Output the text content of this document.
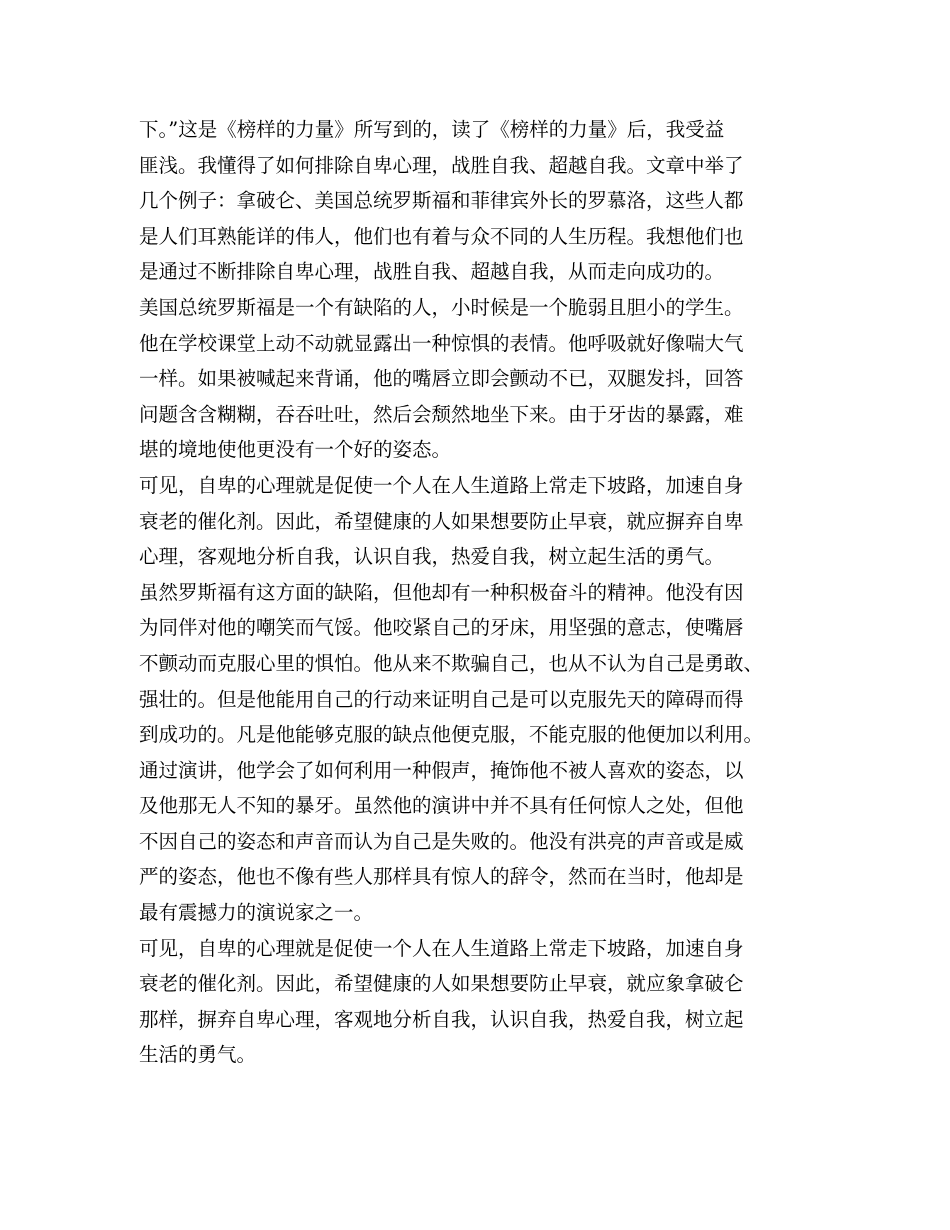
下。”这是《榜样的力量》所写到的，读了《榜样的力量》后，我受益
匪浅。我懂得了如何排除自卑心理，战胜自我、超越自我。文章中举了
几个例子：拿破仑、美国总统罗斯福和菲律宾外长的罗慕洛，这些人都
是人们耳熟能详的伟人，他们也有着与众不同的人生历程。我想他们也
是通过不断排除自卑心理，战胜自我、超越自我，从而走向成功的。
美国总统罗斯福是一个有缺陷的人，小时候是一个脆弱且胆小的学生。
他在学校课堂上动不动就显露出一种惊惧的表情。他呼吸就好像喘大气
一样。如果被喊起来背诵，他的嘴唇立即会颤动不已，双腿发抖，回答
问题含含糊糊，吞吞吐吐，然后会颓然地坐下来。由于牙齿的暴露，难
堪的境地使他更没有一个好的姿态。
可见，自卑的心理就是促使一个人在人生道路上常走下坡路，加速自身
衰老的催化剂。因此，希望健康的人如果想要防止早衰，就应摒弃自卑
心理，客观地分析自我，认识自我，热爱自我，树立起生活的勇气。
虽然罗斯福有这方面的缺陷，但他却有一种积极奋斗的精神。他没有因
为同伴对他的嘲笑而气馁。他咬紧自己的牙床，用坚强的意志，使嘴唇
不颤动而克服心里的惧怕。他从来不欺骗自己，也从不认为自己是勇敢、
强壮的。但是他能用自己的行动来证明自己是可以克服先天的障碍而得
到成功的。凡是他能够克服的缺点他便克服，不能克服的他便加以利用。
通过演讲，他学会了如何利用一种假声，掩饰他不被人喜欢的姿态，以
及他那无人不知的暴牙。虽然他的演讲中并不具有任何惊人之处，但他
不因自己的姿态和声音而认为自己是失败的。他没有洪亮的声音或是威
严的姿态，他也不像有些人那样具有惊人的辞令，然而在当时，他却是
最有震撼力的演说家之一。
可见，自卑的心理就是促使一个人在人生道路上常走下坡路，加速自身
衰老的催化剂。因此，希望健康的人如果想要防止早衰，就应象拿破仑
那样，摒弃自卑心理，客观地分析自我，认识自我，热爱自我，树立起
生活的勇气。
